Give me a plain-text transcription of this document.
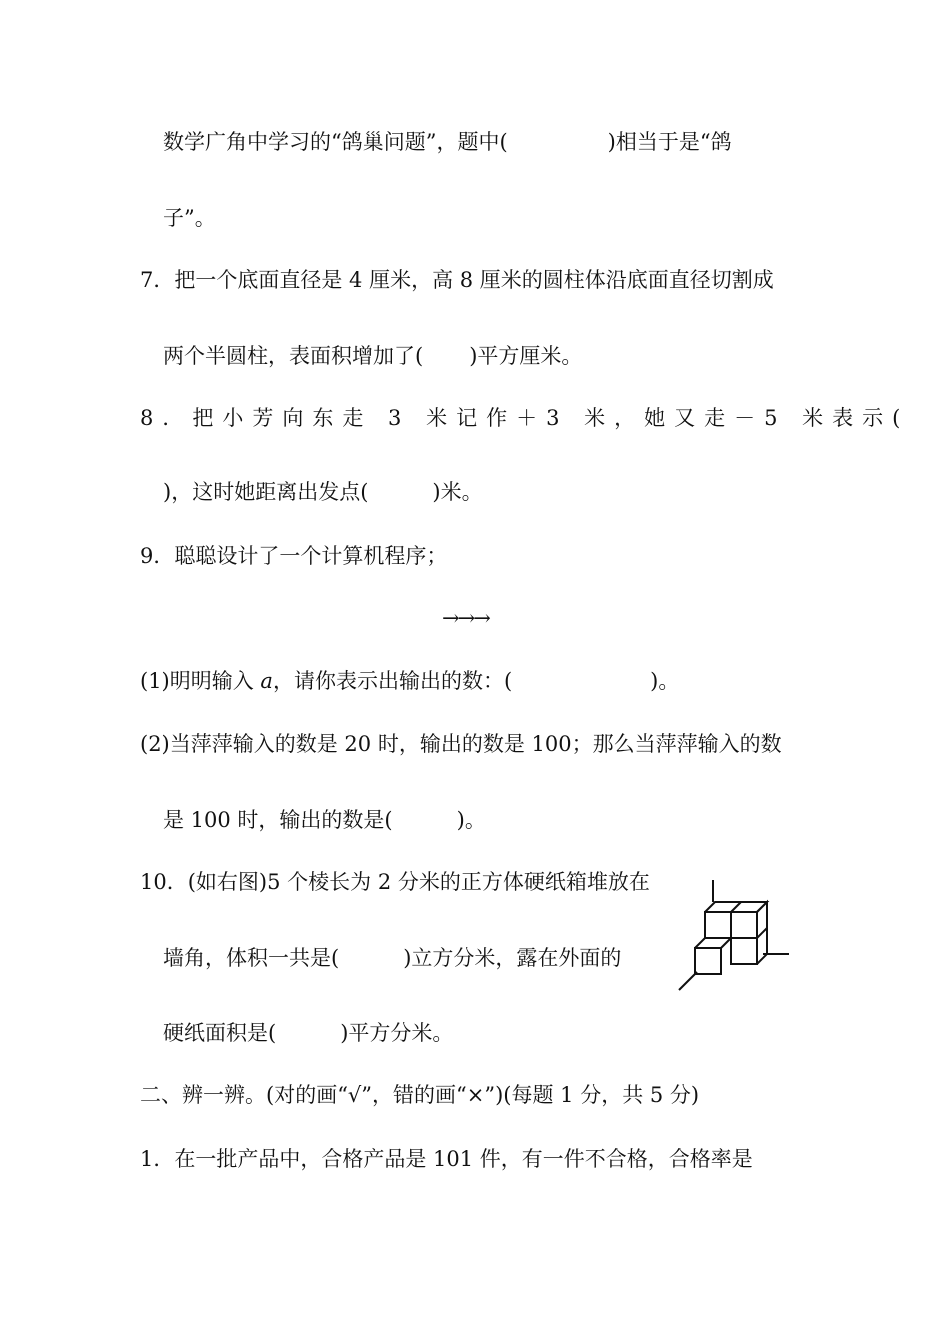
数学广角中学习的“鸽巢问题”，题中(	)相当于是“鸽
子”。
7．把一个底面直径是 4 厘米，高 8 厘米的圆柱体沿底面直径切割成
两个半圆柱，表面积增加了( )平方厘米。
8．把小芳向东走 3 米记作＋3 米，她又走－5 米表示(
)，这时她距离出发点(	)米。
9．聪聪设计了一个计算机程序；
→→→
(1)明明输入 a，请你表示出输出的数：(	)。
(2)当萍萍输入的数是 20 时，输出的数是 100；那么当萍萍输入的数
是 100 时，输出的数是(	)。
10．(如右图)5 个棱长为 2 分米的正方体硬纸箱堆放在
墙角，体积一共是(	)立方分米，露在外面的
硬纸面积是(	)平方分米。
二、辨一辨。(对的画“√”，错的画“×”)(每题 1 分，共 5 分)
1．在一批产品中，合格产品是 101 件，有一件不合格，合格率是
